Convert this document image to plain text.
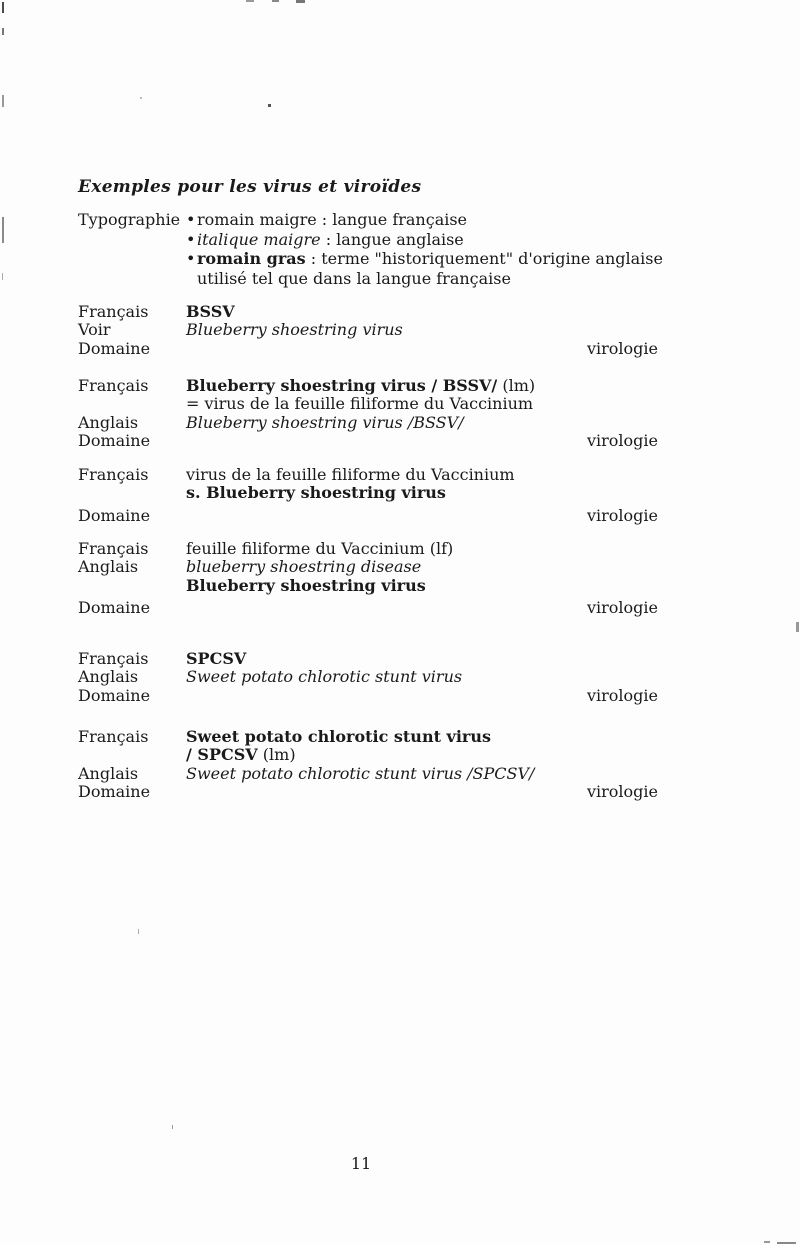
Exemples pour les virus et viroïdes
Typographie •romain maigre : langue française
•italique maigre : langue anglaise
•romain gras : terme "historiquement" d'origine anglaise
utilisé tel que dans la langue française
Français	BSSV
Voir	Blueberry shoestring virus
Domaine	virologie
Français	Blueberry shoestring virus / BSSV/ (lm)
= virus de la feuille filiforme du Vaccinium
Anglais	Blueberry shoestring virus /BSSV/
Domaine	virologie
Français	virus de la feuille filiforme du Vaccinium
s. Blueberry shoestring virus
Domaine	virologie
Français	feuille filiforme du Vaccinium (lf)
Anglais	blueberry shoestring disease
Blueberry shoestring virus
Domaine	virologie
Français	SPCSV
Anglais	Sweet potato chlorotic stunt virus
Domaine	virologie
Français	Sweet potato chlorotic stunt virus
/ SPCSV (lm)
Anglais	Sweet potato chlorotic stunt virus /SPCSV/
Domaine	virologie
11
